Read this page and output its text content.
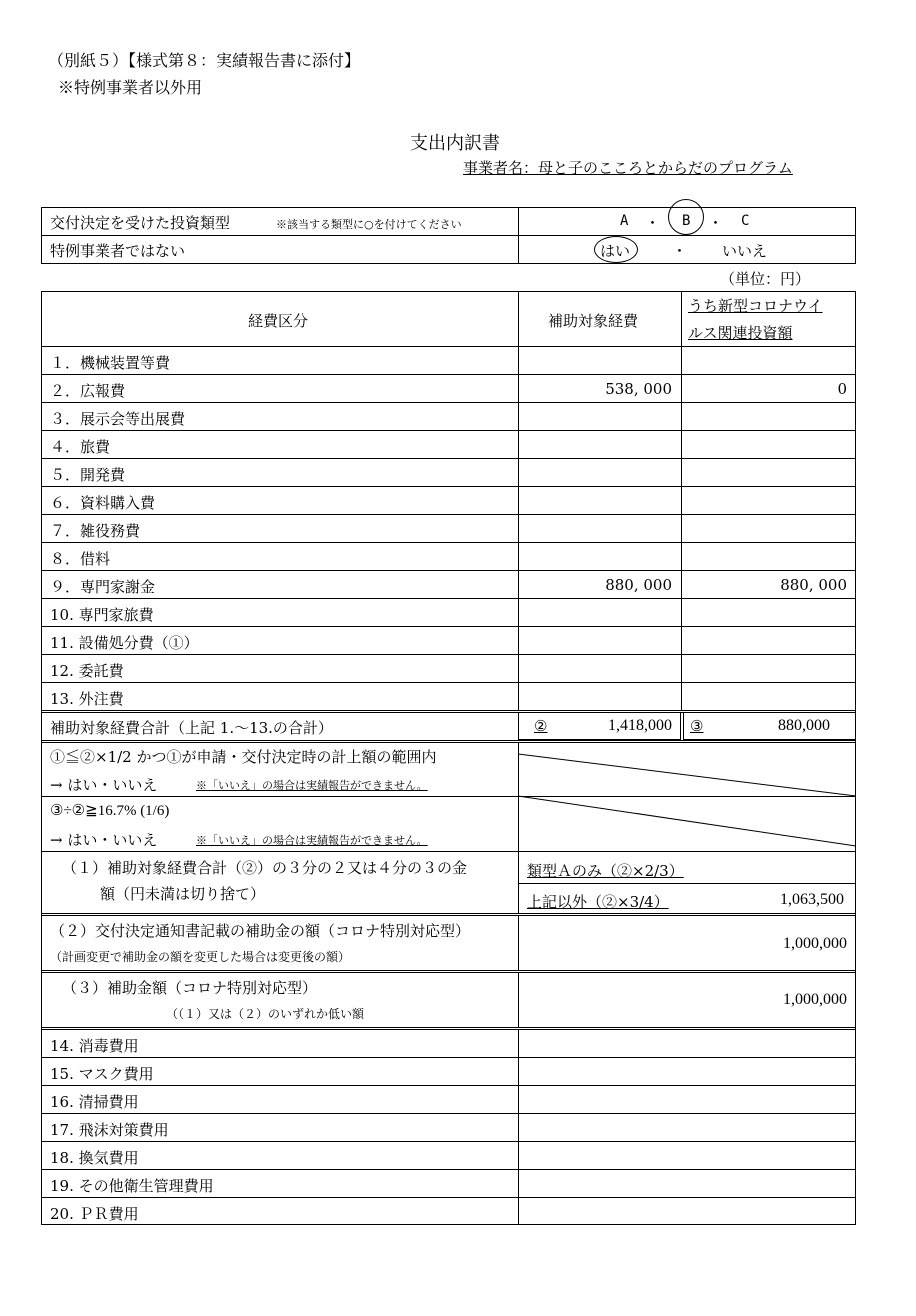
（別紙５）【様式第８：実績報告書に添付】
※特例事業者以外用
支出内訳書
事業者名：母と子のこころとからだのプログラム
交付決定を受けた投資類型	※該当する類型に○を付けてください	A ・ B ・ C
特例事業者ではない	はい	・ いいえ
（単位：円）
経費区分	補助対象経費
うち新型コロナウイ
ルス関連投資額
１．機械装置等費
２．広報費	538, 000	0
３．展示会等出展費
４．旅費
５．開発費
６．資料購入費
７．雑役務費
８．借料
９．専門家謝金	880, 000	880, 000
10. 専門家旅費
11. 設備処分費（①）
12. 委託費
13. 外注費
補助対象経費合計（上記 1.～13.の合計）	②	1,418,000 ③	880,000
①≦②×1/2 かつ①が申請・交付決定時の計上額の範囲内
→ はい・いいえ	※「いいえ」の場合は実績報告ができません。
③÷②≧16.7% (1/6)
→ はい・いいえ	※「いいえ」の場合は実績報告ができません。
（１）補助対象経費合計（②）の３分の２又は４分の３の金
額（円未満は切り捨て）
類型Ａのみ（②×2/3）
上記以外（②×3/4）	1,063,500
（２）交付決定通知書記載の補助金の額（コロナ特別対応型）
（計画変更で補助金の額を変更した場合は変更後の額）
1,000,000
（３）補助金額（コロナ特別対応型）
（（１）又は（２）のいずれか低い額
1,000,000
14. 消毒費用
15. マスク費用
16. 清掃費用
17. 飛沫対策費用
18. 換気費用
19. その他衛生管理費用
20. ＰＲ費用
